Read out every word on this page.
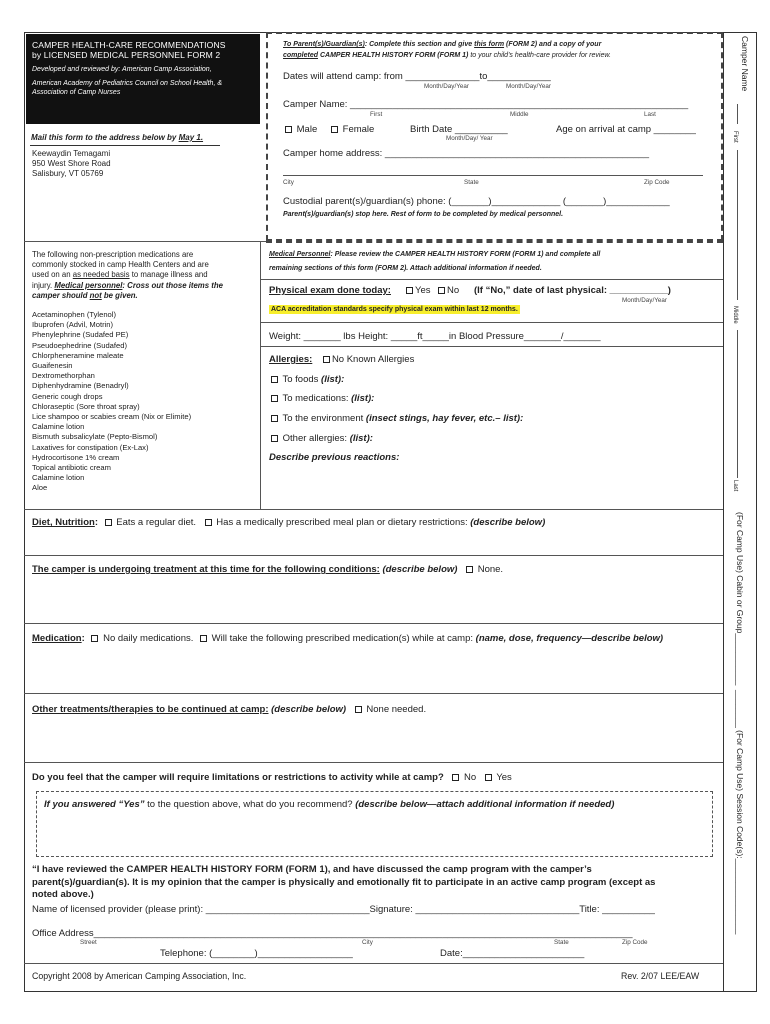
CAMPER HEALTH-CARE RECOMMENDATIONS
by LICENSED MEDICAL PERSONNEL FORM 2
Developed and reviewed by: American Camp Association,
American Academy of Pediatrics Council on School Health, &
Association of Camp Nurses
Mail this form to the address below by May 1.
Keewaydin Temagami
950 West Shore Road
Salisbury, VT 05769
To Parent(s)/Guardian(s): Complete this section and give this form (FORM 2) and a copy of your
completed CAMPER HEALTH HISTORY FORM (FORM 1) to your child's health-care provider for review.
Dates will attend camp: from ______________to____________
Month/Day/Year	Month/Day/Year
Camper Name: ________________________________________________________________
First	Middle	Last
Male	Female	Birth Date __________
Month/Day/ Year
Age on arrival at camp ________
Camper home address: __________________________________________________
City	State	Zip Code
Custodial parent(s)/guardian(s) phone: (_______)_____________ (_______)____________
Parent(s)/guardian(s) stop here. Rest of form to be completed by medical personnel.
The following non-prescription medications are
commonly stocked in camp Health Centers and are
used on an as needed basis to manage illness and
injury. Medical personnel: Cross out those items the
camper should not be given.
Acetaminophen (Tylenol)
Ibuprofen (Advil, Motrin)
Phenylephrine (Sudafed PE)
Pseudoephedrine (Sudafed)
Chlorpheneramine maleate
Guaifenesin
Dextromethorphan
Diphenhydramine (Benadryl)
Generic cough drops
Chloraseptic (Sore throat spray)
Lice shampoo or scabies cream (Nix or Elimite)
Calamine lotion
Bismuth subsalicylate (Pepto-Bismol)
Laxatives for constipation (Ex-Lax)
Hydrocortisone 1% cream
Topical antibiotic cream
Calamine lotion
Aloe
Medical Personnel: Please review the CAMPER HEALTH HISTORY FORM (FORM 1) and complete all
remaining sections of this form (FORM 2). Attach additional information if needed.
Physical exam done today:	Yes	No (If “No,” date of last physical: ___________)
Month/Day/Year
ACA accreditation standards specify physical exam within last 12 months.
Weight: _______ lbs Height: _____ft_____in Blood Pressure_______/_______
Allergies: No Known Allergies
To foods (list):
To medications: (list):
To the environment (insect stings, hay fever, etc.– list):
Other allergies: (list):
Describe previous reactions:
Diet, Nutrition: Eats a regular diet. Has a medically prescribed meal plan or dietary restrictions: (describe below)
The camper is undergoing treatment at this time for the following conditions: (describe below) None.
Medication: No daily medications. Will take the following prescribed medication(s) while at camp: (name, dose, frequency—describe below)
Other treatments/therapies to be continued at camp: (describe below) None needed.
Do you feel that the camper will require limitations or restrictions to activity while at camp? No Yes
If you answered “Yes” to the question above, what do you recommend? (describe below—attach additional information if needed)
“I have reviewed the CAMPER HEALTH HISTORY FORM (FORM 1), and have discussed the camp program with the camper’s
parent(s)/guardian(s). It is my opinion that the camper is physically and emotionally fit to participate in an active camp program (except as
noted above.)
Name of licensed provider (please print): _______________________________Signature: _______________________________Title: __________
Office Address______________________________________________________________________________________________________
Street	City	State	Zip Code
Telephone: (________)__________________	Date:_______________________
Copyright 2008 by American Camping Association, Inc.	Rev. 2/07 LEE/EAW
Camper Name
First
Middle
Last
(For Camp Use) Cabin or Group___________
________ (For Camp Use) Session Code(s):________________
